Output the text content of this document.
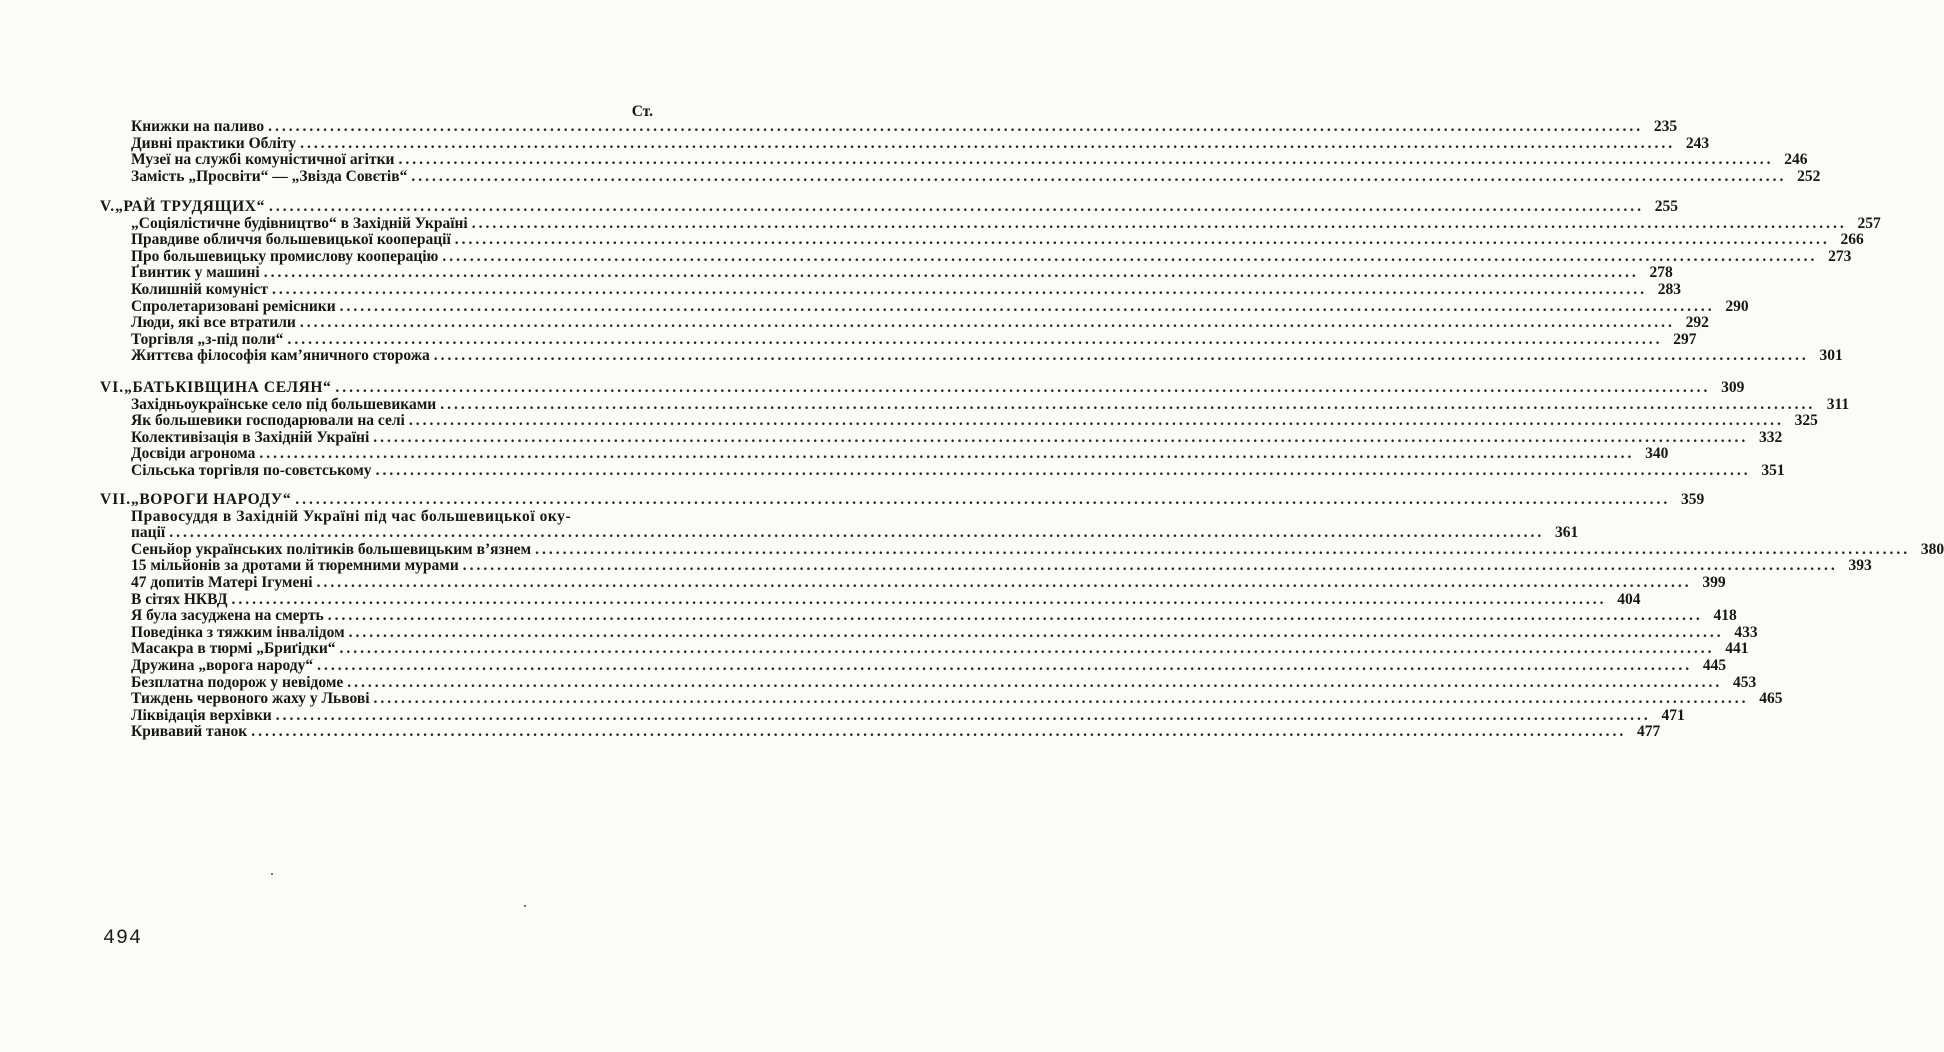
Ст.
Книжки на паливо ........................................................................................................................................................................................................ 235
Дивні практики Обліту ........................................................................................................................................................................................................ 243
Музеї на службі комуністичної агітки ........................................................................................................................................................................................................ 246
Замість „Просвіти“ — „Звізда Совєтів“ ........................................................................................................................................................................................................ 252
V. „РАЙ ТРУДЯЩИХ“ ........................................................................................................................................................................................................ 255
„Соціялістичне будівництво“ в Західній Україні ........................................................................................................................................................................................................ 257
Правдиве обличчя большевицької кооперації ........................................................................................................................................................................................................ 266
Про большевицьку промислову кооперацію ........................................................................................................................................................................................................ 273
Ґвинтик у машині ........................................................................................................................................................................................................ 278
Колишній комуніст ........................................................................................................................................................................................................ 283
Спролетаризовані ремісники ........................................................................................................................................................................................................ 290
Люди, які все втратили ........................................................................................................................................................................................................ 292
Торгівля „з-під поли“ ........................................................................................................................................................................................................ 297
Життєва філософія кам’яничного сторожа ........................................................................................................................................................................................................ 301
VI. „БАТЬКІВЩИНА СЕЛЯН“ ........................................................................................................................................................................................................ 309
Західньоукраїнське село під большевиками ........................................................................................................................................................................................................ 311
Як большевики господарювали на селі ........................................................................................................................................................................................................ 325
Колективізація в Західній Україні ........................................................................................................................................................................................................ 332
Досвіди агронома ........................................................................................................................................................................................................ 340
Сільська торгівля по-совєтському ........................................................................................................................................................................................................ 351
VII. „ВОРОГИ НАРОДУ“ ........................................................................................................................................................................................................ 359
Правосуддя в Західній Україні під час большевицької оку-
пації ........................................................................................................................................................................................................ 361
Сеньйор українських політиків большевицьким в’язнем ........................................................................................................................................................................................................ 380
15 мільйонів за дротами й тюремними мурами ........................................................................................................................................................................................................ 393
47 допитів Матері Ігумені ........................................................................................................................................................................................................ 399
В сітях НКВД ........................................................................................................................................................................................................ 404
Я була засуджена на смерть ........................................................................................................................................................................................................ 418
Поведінка з тяжким інвалідом ........................................................................................................................................................................................................ 433
Масакра в тюрмі „Бриґідки“ ........................................................................................................................................................................................................ 441
Дружина „ворога народу“ ........................................................................................................................................................................................................ 445
Безплатна подорож у невідоме ........................................................................................................................................................................................................ 453
Тиждень червоного жаху у Львові ........................................................................................................................................................................................................ 465
Ліквідація верхівки ........................................................................................................................................................................................................ 471
Кривавий танок ........................................................................................................................................................................................................ 477
494
